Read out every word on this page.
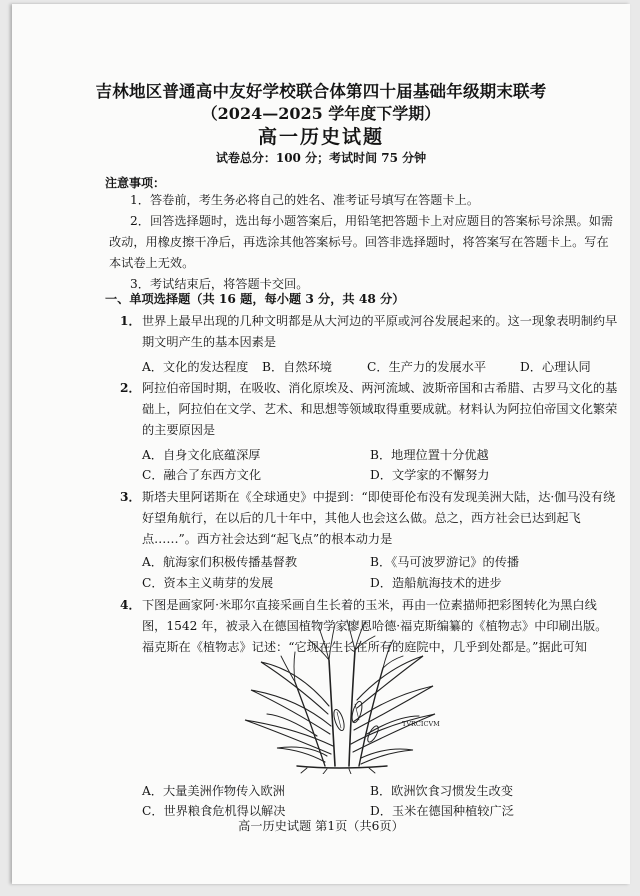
吉林地区普通高中友好学校联合体第四十届基础年级期末联考
（2024—2025 学年度下学期）
高一历史试题
试卷总分：100 分；考试时间 75 分钟
注意事项：
1．答卷前，考生务必将自己的姓名、准考证号填写在答题卡上。
2．回答选择题时，选出每小题答案后，用铅笔把答题卡上对应题目的答案标号涂黑。如需改动，用橡皮擦干净后，再选涂其他答案标号。回答非选择题时，将答案写在答题卡上。写在本试卷上无效。
3．考试结束后，将答题卡交回。
一、单项选择题（共 16 题，每小题 3 分，共 48 分）
1． 世界上最早出现的几种文明都是从大河边的平原或河谷发展起来的。这一现象表明制约早期文明产生的基本因素是
A．文化的发达程度 B．自然环境	C．生产力的发展水平	D．心理认同
2． 阿拉伯帝国时期，在吸收、消化原埃及、两河流域、波斯帝国和古希腊、古罗马文化的基础上，阿拉伯在文学、艺术、和思想等领域取得重要成就。材料认为阿拉伯帝国文化繁荣的主要原因是
A．自身文化底蕴深厚	B．地理位置十分优越
C．融合了东西方文化	D．文学家的不懈努力
3． 斯塔夫里阿诺斯在《全球通史》中提到：“即使哥伦布没有发现美洲大陆，达·伽马没有绕好望角航行，在以后的几十年中，其他人也会这么做。总之，西方社会已达到起飞点……”。西方社会达到“起飞点”的根本动力是
A．航海家们积极传播基督教	B．《马可波罗游记》的传播
C．资本主义萌芽的发展	D．造船航海技术的进步
4． 下图是画家阿·米耶尔直接采画自生长着的玉米，再由一位素描师把彩图转化为黑白线图，1542 年，被录入在德国植物学家廖恩哈德·福克斯编纂的《植物志》中印刷出版。福克斯在《植物志》记述：“它现在生长在所有的庭院中，几乎到处都是。”据此可知
TVRCICVM
A．大量美洲作物传入欧洲	B．欧洲饮食习惯发生改变
C．世界粮食危机得以解决	D．玉米在德国种植较广泛
高一历史试题 第1页（共6页）
